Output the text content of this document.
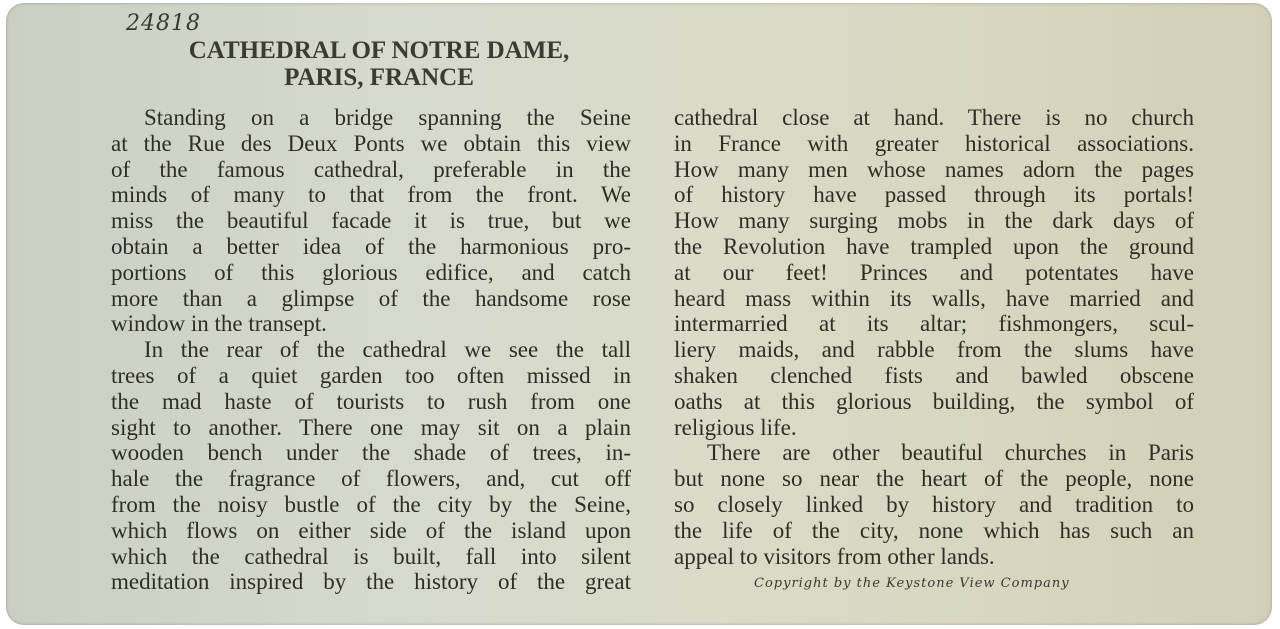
24818
CATHEDRAL OF NOTRE DAME,
PARIS, FRANCE
Standing on a bridge spanning the Seine
at the Rue des Deux Ponts we obtain this view
of the famous cathedral, preferable in the
minds of many to that from the front. We
miss the beautiful facade it is true, but we
obtain a better idea of the harmonious pro-
portions of this glorious edifice, and catch
more than a glimpse of the handsome rose
window in the transept.
In the rear of the cathedral we see the tall
trees of a quiet garden too often missed in
the mad haste of tourists to rush from one
sight to another. There one may sit on a plain
wooden bench under the shade of trees, in-
hale the fragrance of flowers, and, cut off
from the noisy bustle of the city by the Seine,
which flows on either side of the island upon
which the cathedral is built, fall into silent
meditation inspired by the history of the great
cathedral close at hand. There is no church
in France with greater historical associations.
How many men whose names adorn the pages
of history have passed through its portals!
How many surging mobs in the dark days of
the Revolution have trampled upon the ground
at our feet! Princes and potentates have
heard mass within its walls, have married and
intermarried at its altar; fishmongers, scul-
liery maids, and rabble from the slums have
shaken clenched fists and bawled obscene
oaths at this glorious building, the symbol of
religious life.
There are other beautiful churches in Paris
but none so near the heart of the people, none
so closely linked by history and tradition to
the life of the city, none which has such an
appeal to visitors from other lands.
Copyright by the Keystone View Company
